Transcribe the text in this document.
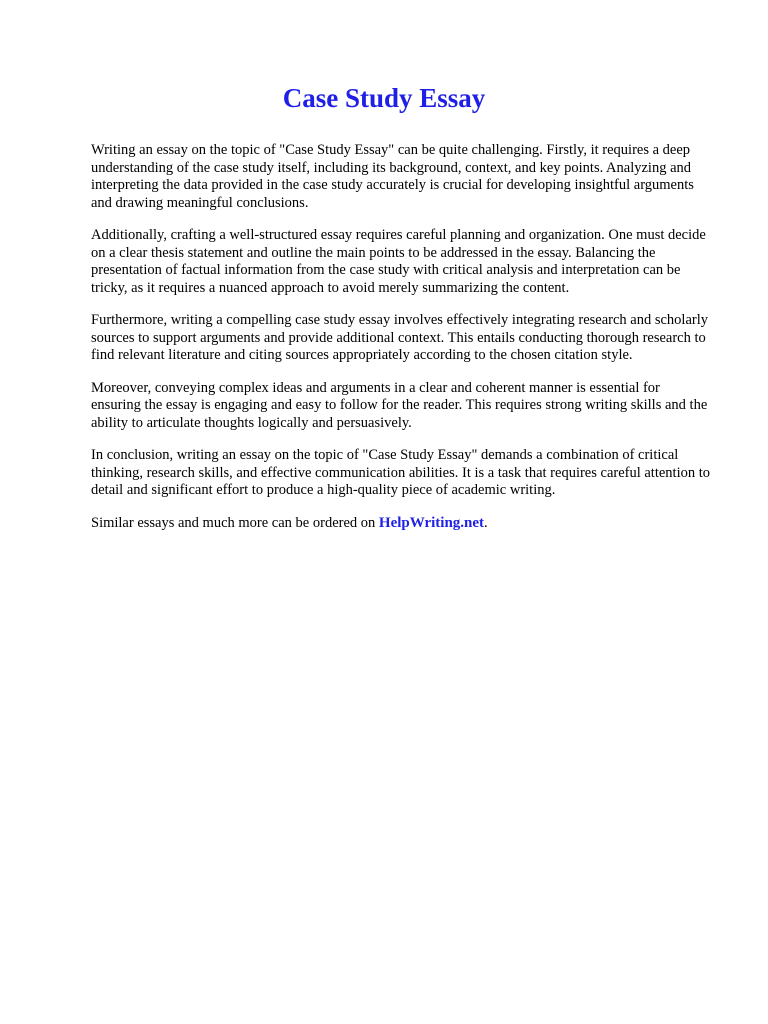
Case Study Essay

Writing an essay on the topic of "Case Study Essay" can be quite challenging. Firstly, it requires a deep understanding of the case study itself, including its background, context, and key points. Analyzing and interpreting the data provided in the case study accurately is crucial for developing insightful arguments and drawing meaningful conclusions.

Additionally, crafting a well-structured essay requires careful planning and organization. One must decide on a clear thesis statement and outline the main points to be addressed in the essay. Balancing the presentation of factual information from the case study with critical analysis and interpretation can be tricky, as it requires a nuanced approach to avoid merely summarizing the content.

Furthermore, writing a compelling case study essay involves effectively integrating research and scholarly sources to support arguments and provide additional context. This entails conducting thorough research to find relevant literature and citing sources appropriately according to the chosen citation style.

Moreover, conveying complex ideas and arguments in a clear and coherent manner is essential for ensuring the essay is engaging and easy to follow for the reader. This requires strong writing skills and the ability to articulate thoughts logically and persuasively.

In conclusion, writing an essay on the topic of "Case Study Essay" demands a combination of critical thinking, research skills, and effective communication abilities. It is a task that requires careful attention to detail and significant effort to produce a high-quality piece of academic writing.

Similar essays and much more can be ordered on HelpWriting.net.
